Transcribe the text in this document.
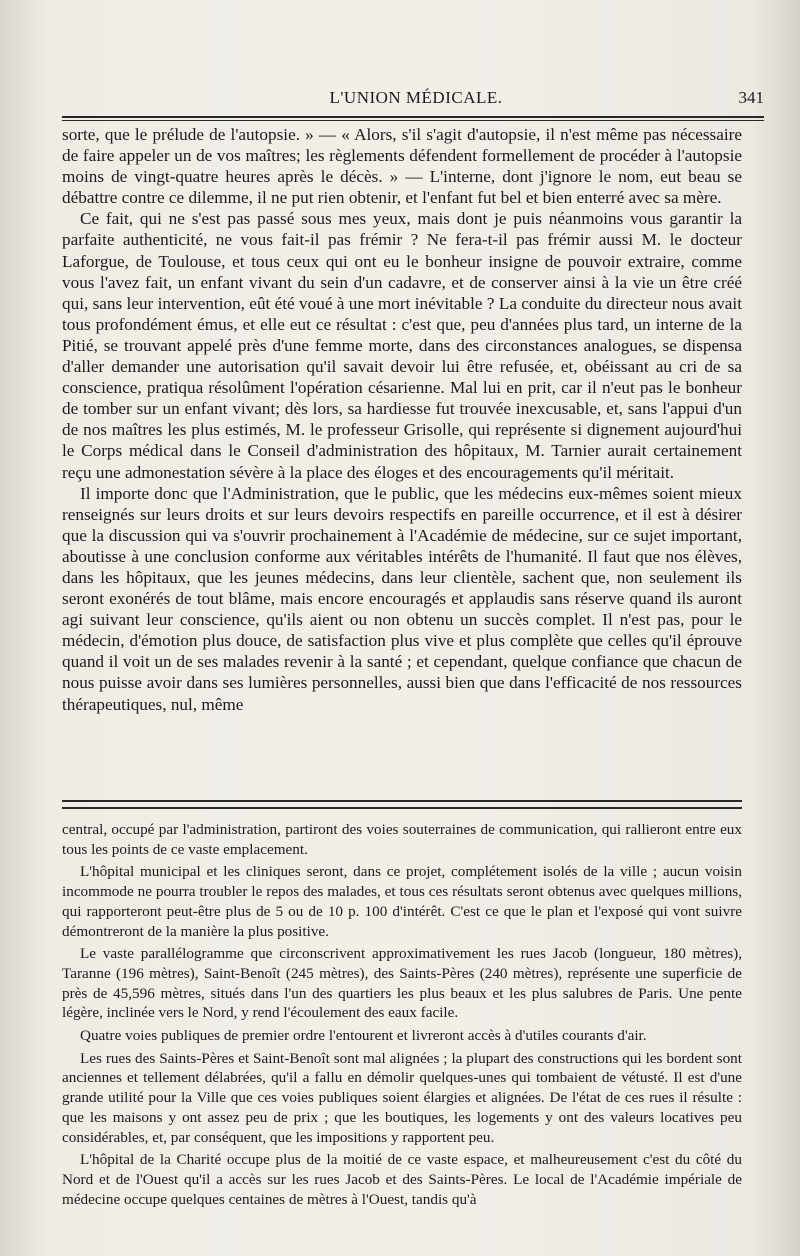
L'UNION MÉDICALE.	341

sorte, que le prélude de l'autopsie. » — « Alors, s'il s'agit d'autopsie, il n'est même pas nécessaire de faire appeler un de vos maîtres; les règlements défendent formellement de procéder à l'autopsie moins de vingt-quatre heures après le décès. » — L'interne, dont j'ignore le nom, eut beau se débattre contre ce dilemme, il ne put rien obtenir, et l'enfant fut bel et bien enterré avec sa mère.

Ce fait, qui ne s'est pas passé sous mes yeux, mais dont je puis néanmoins vous garantir la parfaite authenticité, ne vous fait-il pas frémir ? Ne fera-t-il pas frémir aussi M. le docteur Laforgue, de Toulouse, et tous ceux qui ont eu le bonheur insigne de pouvoir extraire, comme vous l'avez fait, un enfant vivant du sein d'un cadavre, et de conserver ainsi à la vie un être créé qui, sans leur intervention, eût été voué à une mort inévitable ? La conduite du directeur nous avait tous profondément émus, et elle eut ce résultat : c'est que, peu d'années plus tard, un interne de la Pitié, se trouvant appelé près d'une femme morte, dans des circonstances analogues, se dispensa d'aller demander une autorisation qu'il savait devoir lui être refusée, et, obéissant au cri de sa conscience, pratiqua résolûment l'opération césarienne. Mal lui en prit, car il n'eut pas le bonheur de tomber sur un enfant vivant; dès lors, sa hardiesse fut trouvée inexcusable, et, sans l'appui d'un de nos maîtres les plus estimés, M. le professeur Grisolle, qui représente si dignement aujourd'hui le Corps médical dans le Conseil d'administration des hôpitaux, M. Tarnier aurait certainement reçu une admonestation sévère à la place des éloges et des encouragements qu'il méritait.

Il importe donc que l'Administration, que le public, que les médecins eux-mêmes soient mieux renseignés sur leurs droits et sur leurs devoirs respectifs en pareille occurrence, et il est à désirer que la discussion qui va s'ouvrir prochainement à l'Académie de médecine, sur ce sujet important, aboutisse à une conclusion conforme aux véritables intérêts de l'humanité. Il faut que nos élèves, dans les hôpitaux, que les jeunes médecins, dans leur clientèle, sachent que, non seulement ils seront exonérés de tout blâme, mais encore encouragés et applaudis sans réserve quand ils auront agi suivant leur conscience, qu'ils aient ou non obtenu un succès complet. Il n'est pas, pour le médecin, d'émotion plus douce, de satisfaction plus vive et plus complète que celles qu'il éprouve quand il voit un de ses malades revenir à la santé ; et cependant, quelque confiance que chacun de nous puisse avoir dans ses lumières personnelles, aussi bien que dans l'efficacité de nos ressources thérapeutiques, nul, même

central, occupé par l'administration, partiront des voies souterraines de communication, qui rallieront entre eux tous les points de ce vaste emplacement.

L'hôpital municipal et les cliniques seront, dans ce projet, complétement isolés de la ville ; aucun voisin incommode ne pourra troubler le repos des malades, et tous ces résultats seront obtenus avec quelques millions, qui rapporteront peut-être plus de 5 ou de 10 p. 100 d'intérêt. C'est ce que le plan et l'exposé qui vont suivre démontreront de la manière la plus positive.

Le vaste parallélogramme que circonscrivent approximativement les rues Jacob (longueur, 180 mètres), Taranne (196 mètres), Saint-Benoît (245 mètres), des Saints-Pères (240 mètres), représente une superficie de près de 45,596 mètres, situés dans l'un des quartiers les plus beaux et les plus salubres de Paris. Une pente légère, inclinée vers le Nord, y rend l'écoulement des eaux facile.

Quatre voies publiques de premier ordre l'entourent et livreront accès à d'utiles courants d'air.

Les rues des Saints-Pères et Saint-Benoît sont mal alignées ; la plupart des constructions qui les bordent sont anciennes et tellement délabrées, qu'il a fallu en démolir quelques-unes qui tombaient de vétusté. Il est d'une grande utilité pour la Ville que ces voies publiques soient élargies et alignées. De l'état de ces rues il résulte : que les maisons y ont assez peu de prix ; que les boutiques, les logements y ont des valeurs locatives peu considérables, et, par conséquent, que les impositions y rapportent peu.

L'hôpital de la Charité occupe plus de la moitié de ce vaste espace, et malheureusement c'est du côté du Nord et de l'Ouest qu'il a accès sur les rues Jacob et des Saints-Pères. Le local de l'Académie impériale de médecine occupe quelques centaines de mètres à l'Ouest, tandis qu'à
